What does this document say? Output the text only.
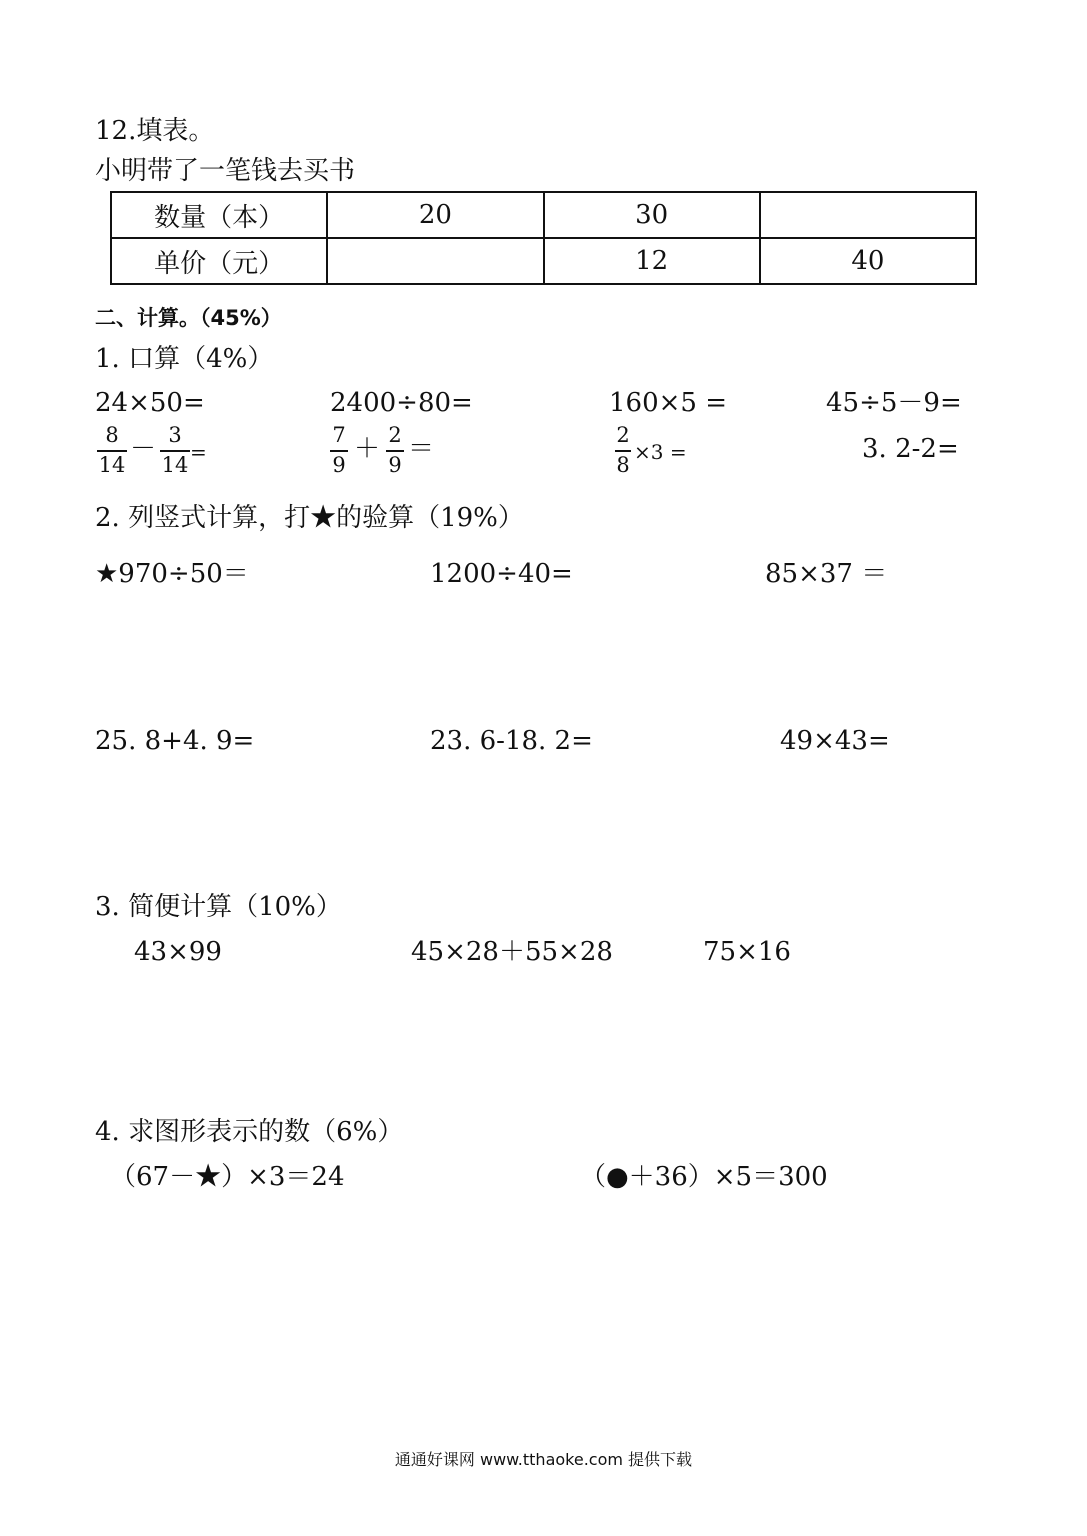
12.填表。
小明带了一笔钱去买书
数量（本）	20	30	
单价（元）		12	40
二、计算。（45%）
1. 口算（4%）
24×50=	2400÷80=	160×5 =	45÷5－9=
8
14
－ 3
14
=
7
9
＋ 2
9
＝	2
8
×3 =	3. 2-2=
2. 列竖式计算，打★的验算（19%）
★970÷50＝	1200÷40=	85×37 ＝
25. 8+4. 9=	23. 6-18. 2=	49×43=
3. 简便计算（10%）
43×99	45×28＋55×28	75×16
4. 求图形表示的数（6%）
（67－★）×3＝24	（●＋36）×5＝300
通通好课网 www.tthaoke.com 提供下载
